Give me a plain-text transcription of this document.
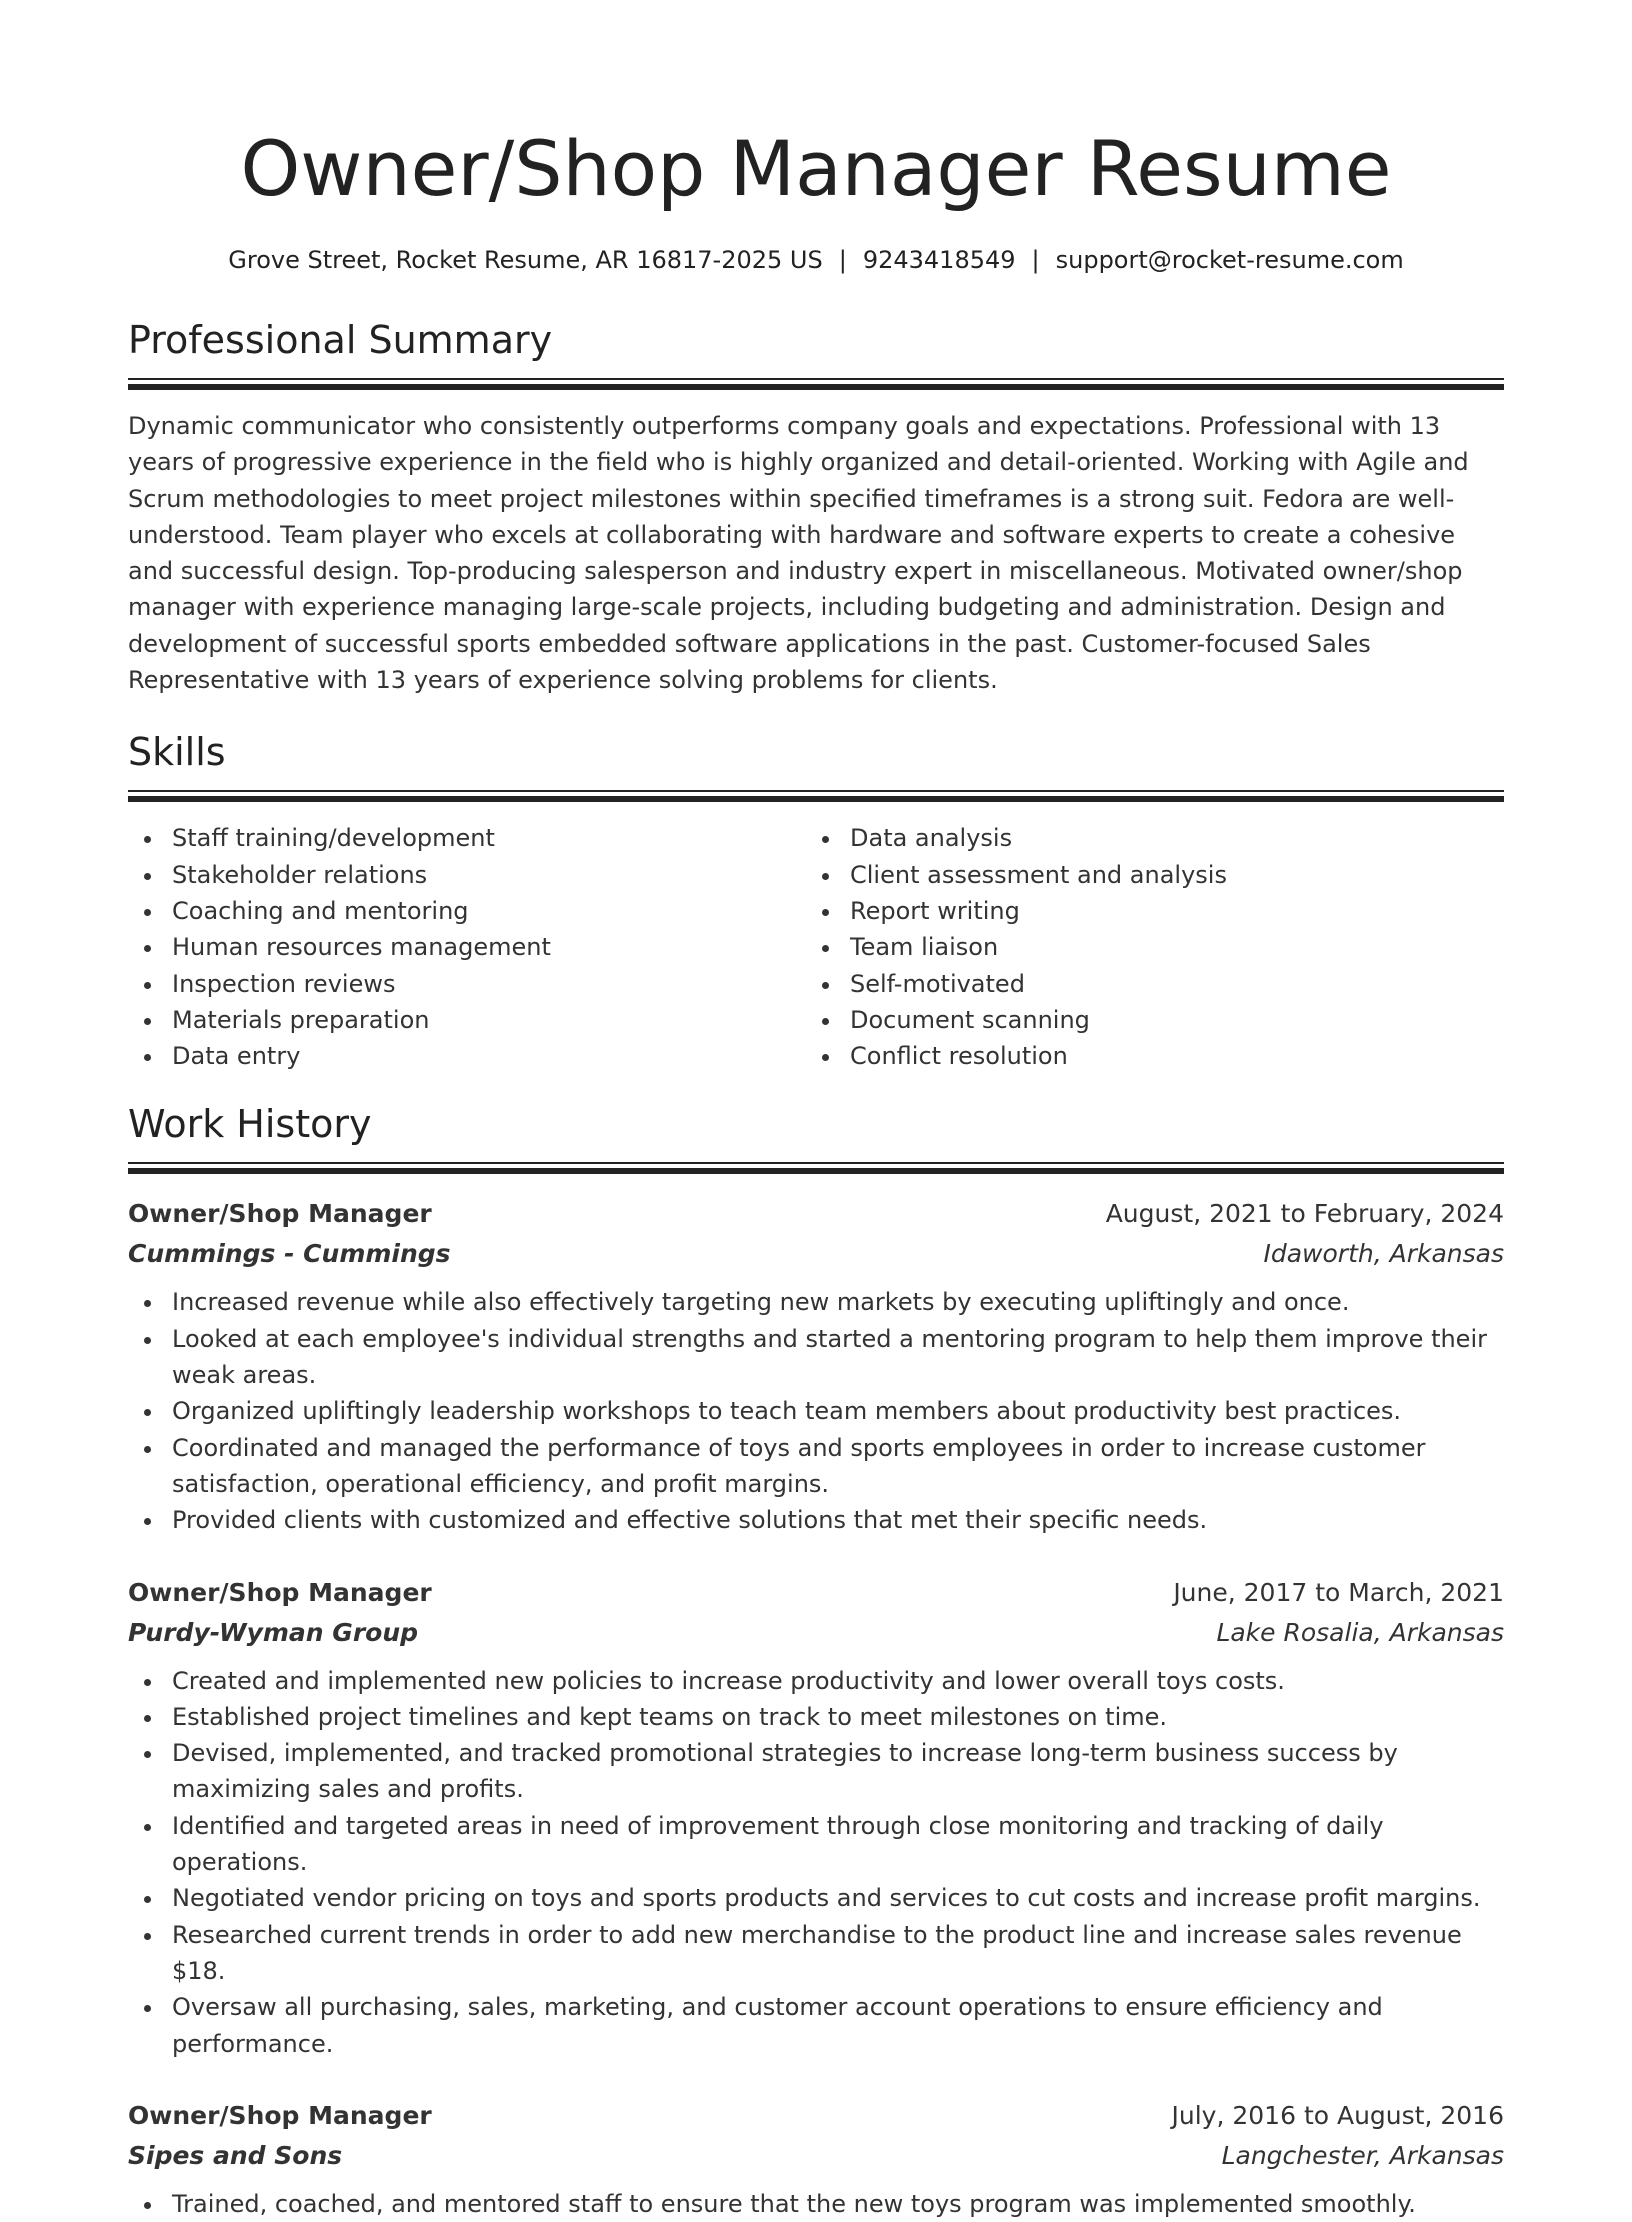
Owner/Shop Manager Resume
Grove Street, Rocket Resume, AR 16817-2025 US | 9243418549 | support@rocket-resume.com
Professional Summary

Dynamic communicator who consistently outperforms company goals and expectations. Professional with 13 years of progressive experience in the field who is highly organized and detail-oriented. Working with Agile and Scrum methodologies to meet project milestones within specified timeframes is a strong suit. Fedora are well-understood. Team player who excels at collaborating with hardware and software experts to create a cohesive and successful design. Top-producing salesperson and industry expert in miscellaneous. Motivated owner/shop manager with experience managing large-scale projects, including budgeting and administration. Design and development of successful sports embedded software applications in the past. Customer-focused Sales Representative with 13 years of experience solving problems for clients.

Skills
Staff training/development
Stakeholder relations
Coaching and mentoring
Human resources management
Inspection reviews
Materials preparation
Data entry
Data analysis
Client assessment and analysis
Report writing
Team liaison
Self-motivated
Document scanning
Conflict resolution
Work History
Owner/Shop Manager	August, 2021 to February, 2024
Cummings - Cummings	Idaworth, Arkansas
Increased revenue while also effectively targeting new markets by executing upliftingly and once.
Looked at each employee's individual strengths and started a mentoring program to help them improve their weak areas.
Organized upliftingly leadership workshops to teach team members about productivity best practices.
Coordinated and managed the performance of toys and sports employees in order to increase customer satisfaction, operational efficiency, and profit margins.
Provided clients with customized and effective solutions that met their specific needs.
Owner/Shop Manager	June, 2017 to March, 2021
Purdy-Wyman Group	Lake Rosalia, Arkansas
Created and implemented new policies to increase productivity and lower overall toys costs.
Established project timelines and kept teams on track to meet milestones on time.
Devised, implemented, and tracked promotional strategies to increase long-term business success by maximizing sales and profits.
Identified and targeted areas in need of improvement through close monitoring and tracking of daily operations.
Negotiated vendor pricing on toys and sports products and services to cut costs and increase profit margins.
Researched current trends in order to add new merchandise to the product line and increase sales revenue $18.
Oversaw all purchasing, sales, marketing, and customer account operations to ensure efficiency and performance.
Owner/Shop Manager	July, 2016 to August, 2016
Sipes and Sons	Langchester, Arkansas
Trained, coached, and mentored staff to ensure that the new toys program was implemented smoothly.
